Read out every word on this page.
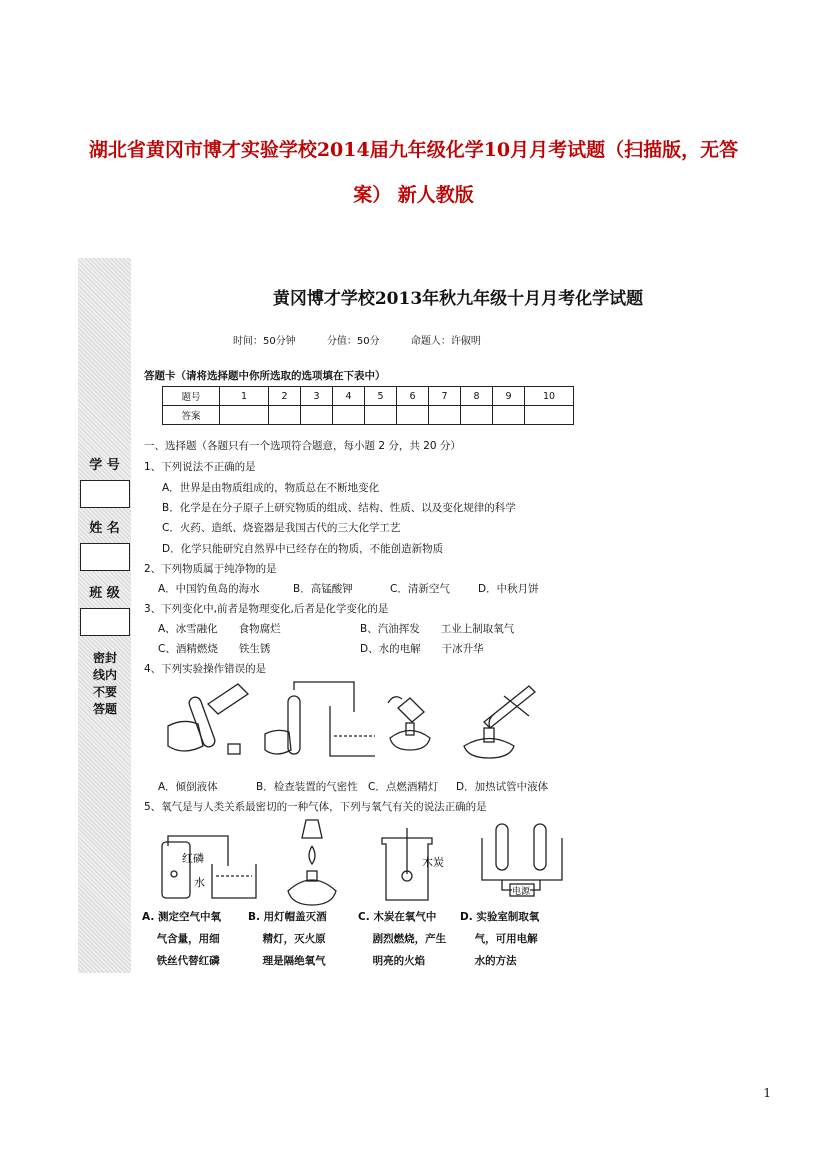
湖北省黄冈市博才实验学校2014届九年级化学10月月考试题（扫描版，无答
案） 新人教版
学 号
姓 名
班 级
密封线内不要答题
黄冈博才学校2013年秋九年级十月月考化学试题
时间：50分钟	分值：50分	命题人：许俶明
答题卡（请将选择题中你所选取的选项填在下表中）
题号	1	2	3	4	5	6	7	8	9	10
答案										
一、选择题（各题只有一个选项符合题意，每小题 2 分，共 20 分）
1、下列说法不正确的是
A．世界是由物质组成的，物质总在不断地变化
B．化学是在分子原子上研究物质的组成、结构、性质、以及变化规律的科学
C．火药、造纸、烧瓷器是我国古代的三大化学工艺
D．化学只能研究自然界中已经存在的物质，不能创造新物质
2、下列物质属于纯净物的是
A．中国钓鱼岛的海水	B．高锰酸钾	C．清新空气	D．中秋月饼
3、下列变化中,前者是物理变化,后者是化学变化的是
A、冰雪融化　　食物腐烂	B、汽油挥发　　工业上制取氧气
C、酒精燃烧　　铁生锈	D、水的电解　　干冰升华
4、下列实验操作错误的是
A．倾倒液体	B．检查装置的气密性 C．点燃酒精灯 D．加热试管中液体
5、氧气是与人类关系最密切的一种气体，下列与氧气有关的说法正确的是
红磷
水
木炭
电源
A. 测定空气中氧
气含量，用细
铁丝代替红磷
B. 用灯帽盖灭酒
精灯，灭火原
理是隔绝氧气
C. 木炭在氧气中
剧烈燃烧，产生
明亮的火焰
D. 实验室制取氧
气，可用电解
水的方法
1
